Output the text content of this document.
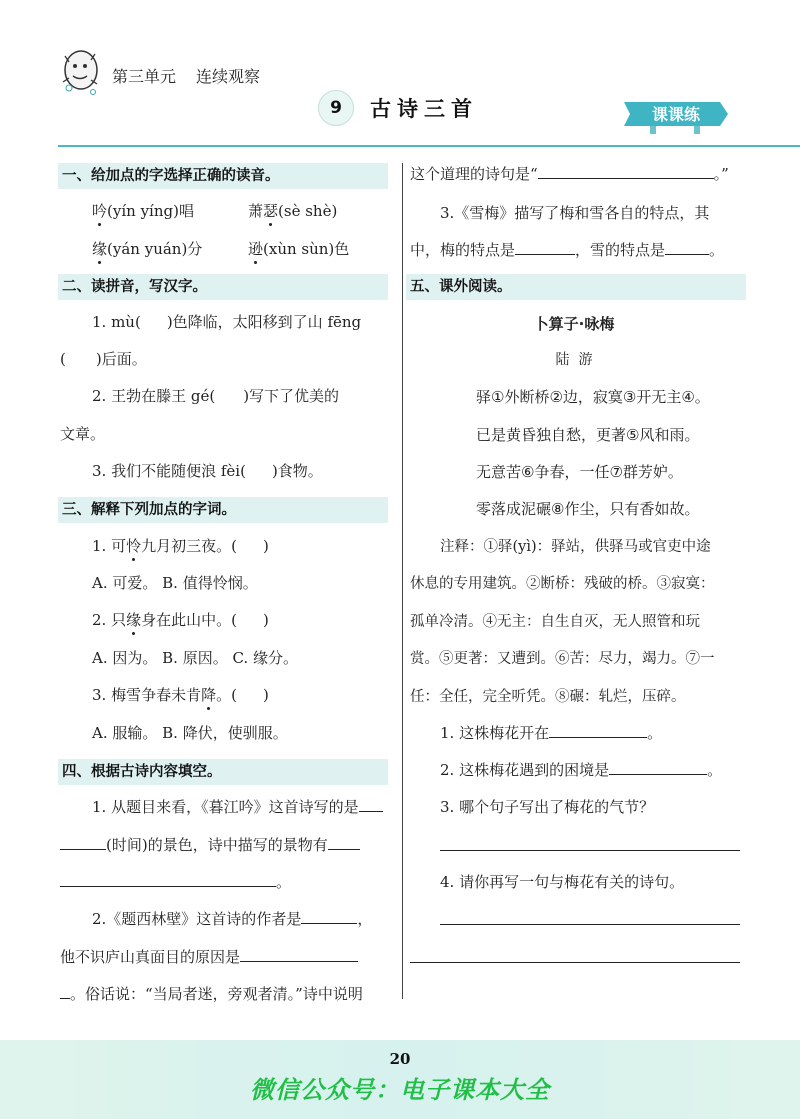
第三单元 连续观察
9	古诗三首	课课练
一、给加点的字选择正确的读音。
吟(yín yíng)唱	萧瑟(sè shè)
缘(yán yuán)分	逊(xùn sùn)色
二、读拼音，写汉字。
1. mù( )色降临，太阳移到了山 fēng
( )后面。
2. 王勃在滕王 gé( )写下了优美的
文章。
3. 我们不能随便浪 fèi( )食物。
三、解释下列加点的字词。
1. 可怜九月初三夜。( )
A. 可爱。 B. 值得怜悯。
2. 只缘身在此山中。( )
A. 因为。 B. 原因。 C. 缘分。
3. 梅雪争春未肯降。( )
A. 服输。 B. 降伏，使驯服。
四、根据古诗内容填空。
1. 从题目来看，《暮江吟》这首诗写的是
(时间)的景色，诗中描写的景物有
。
2.《题西林壁》这首诗的作者是	，
他不识庐山真面目的原因是
。俗话说：“当局者迷，旁观者清。”诗中说明
这个道理的诗句是“	。”
3.《雪梅》描写了梅和雪各自的特点，其
中，梅的特点是	，雪的特点是	。
五、课外阅读。
卜算子·咏梅
陆  游
驿①外断桥②边，寂寞③开无主④。
已是黄昏独自愁，更著⑤风和雨。
无意苦⑥争春，一任⑦群芳妒。
零落成泥碾⑧作尘，只有香如故。
注释：①驿(yì)：驿站，供驿马或官吏中途
休息的专用建筑。②断桥：残破的桥。③寂寞：
孤单冷清。④无主：自生自灭，无人照管和玩
赏。⑤更著：又遭到。⑥苦：尽力，竭力。⑦一
任：全任，完全听凭。⑧碾：轧烂，压碎。
1. 这株梅花开在	。
2. 这株梅花遇到的困境是	。
3. 哪个句子写出了梅花的气节？
4. 请你再写一句与梅花有关的诗句。
20
微信公众号：电子课本大全
